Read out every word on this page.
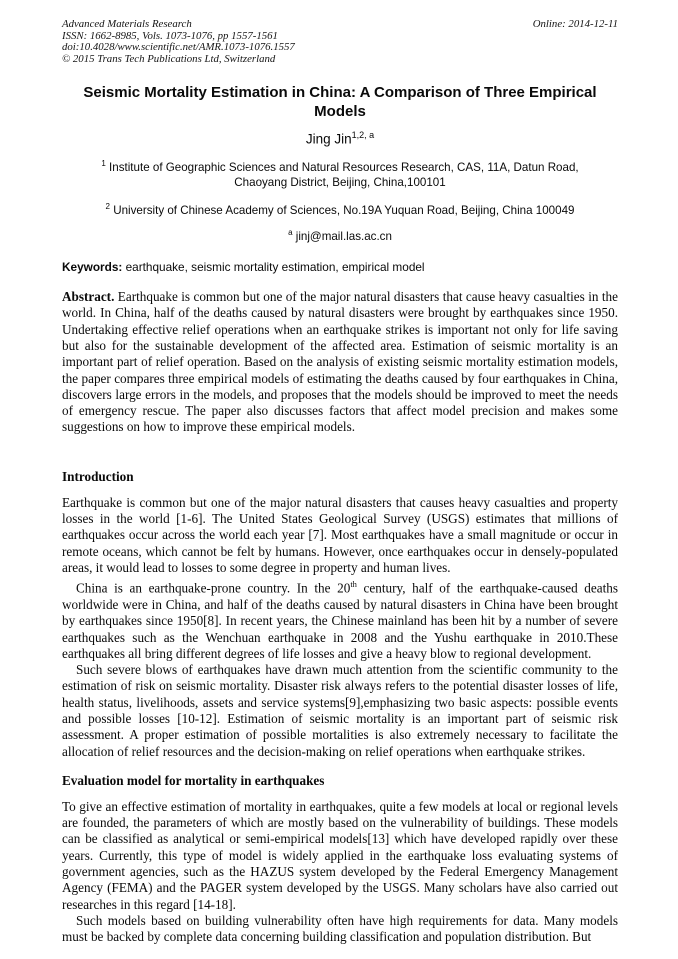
Advanced Materials Research	Online: 2014-12-11
ISSN: 1662-8985, Vols. 1073-1076, pp 1557-1561
doi:10.4028/www.scientific.net/AMR.1073-1076.1557
© 2015 Trans Tech Publications Ltd, Switzerland
Seismic Mortality Estimation in China: A Comparison of Three Empirical
Models
Jing Jin$^{1,2, a}$

$^1$ Institute of Geographic Sciences and Natural Resources Research, CAS, 11A, Datun Road, Chaoyang District, Beijing, China,100101

$^2$ University of Chinese Academy of Sciences, No.19A Yuquan Road, Beijing, China 100049

$^a$ jinj@mail.las.ac.cn

Keywords: earthquake, seismic mortality estimation, empirical model

Abstract. Earthquake is common but one of the major natural disasters that cause heavy casualties in the world. In China, half of the deaths caused by natural disasters were brought by earthquakes since 1950. Undertaking effective relief operations when an earthquake strikes is important not only for life saving but also for the sustainable development of the affected area. Estimation of seismic mortality is an important part of relief operation. Based on the analysis of existing seismic mortality estimation models, the paper compares three empirical models of estimating the deaths caused by four earthquakes in China, discovers large errors in the models, and proposes that the models should be improved to meet the needs of emergency rescue. The paper also discusses factors that affect model precision and makes some suggestions on how to improve these empirical models.

Introduction

Earthquake is common but one of the major natural disasters that causes heavy casualties and property losses in the world [1-6]. The United States Geological Survey (USGS) estimates that millions of earthquakes occur across the world each year [7]. Most earthquakes have a small magnitude or occur in remote oceans, which cannot be felt by humans. However, once earthquakes occur in densely-populated areas, it would lead to losses to some degree in property and human lives.

China is an earthquake-prone country. In the 20th century, half of the earthquake-caused deaths worldwide were in China, and half of the deaths caused by natural disasters in China have been brought by earthquakes since 1950[8]. In recent years, the Chinese mainland has been hit by a number of severe earthquakes such as the Wenchuan earthquake in 2008 and the Yushu earthquake in 2010.These earthquakes all bring different degrees of life losses and give a heavy blow to regional development.

Such severe blows of earthquakes have drawn much attention from the scientific community to the estimation of risk on seismic mortality. Disaster risk always refers to the potential disaster losses of life, health status, livelihoods, assets and service systems[9],emphasizing two basic aspects: possible events and possible losses [10-12]. Estimation of seismic mortality is an important part of seismic risk assessment. A proper estimation of possible mortalities is also extremely necessary to facilitate the allocation of relief resources and the decision-making on relief operations when earthquake strikes.

Evaluation model for mortality in earthquakes

To give an effective estimation of mortality in earthquakes, quite a few models at local or regional levels are founded, the parameters of which are mostly based on the vulnerability of buildings. These models can be classified as analytical or semi-empirical models[13] which have developed rapidly over these years. Currently, this type of model is widely applied in the earthquake loss evaluating systems of government agencies, such as the HAZUS system developed by the Federal Emergency Management Agency (FEMA) and the PAGER system developed by the USGS. Many scholars have also carried out researches in this regard [14-18].

Such models based on building vulnerability often have high requirements for data. Many models must be backed by complete data concerning building classification and population distribution. But
